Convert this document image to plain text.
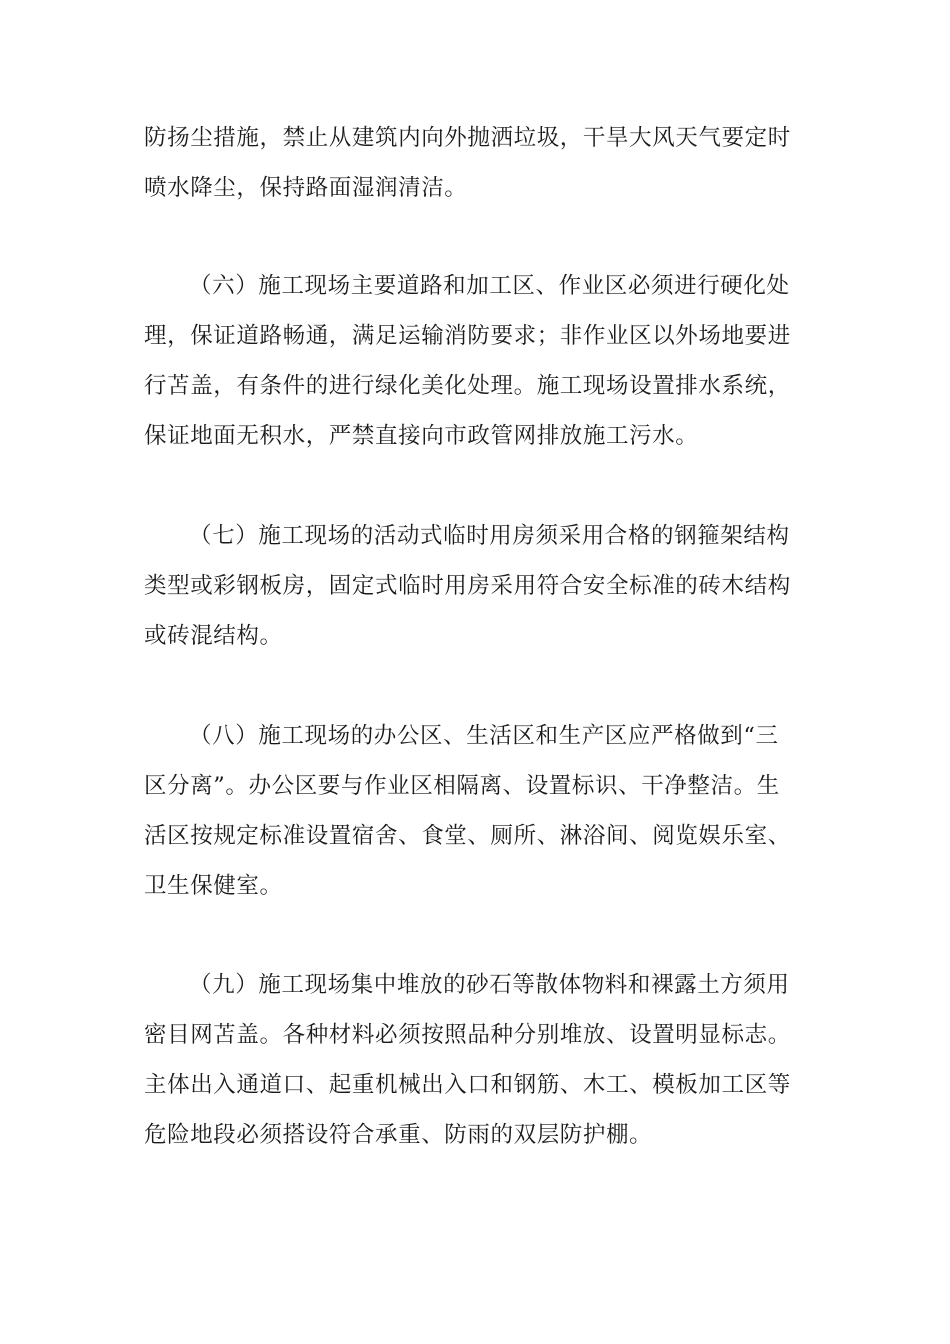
防扬尘措施，禁止从建筑内向外抛洒垃圾，干旱大风天气要定时
喷水降尘，保持路面湿润清洁。
（六）施工现场主要道路和加工区、作业区必须进行硬化处
理，保证道路畅通，满足运输消防要求；非作业区以外场地要进
行苫盖，有条件的进行绿化美化处理。施工现场设置排水系统，
保证地面无积水，严禁直接向市政管网排放施工污水。
（七）施工现场的活动式临时用房须采用合格的钢箍架结构
类型或彩钢板房，固定式临时用房采用符合安全标准的砖木结构
或砖混结构。
（八）施工现场的办公区、生活区和生产区应严格做到“三
区分离”。办公区要与作业区相隔离、设置标识、干净整洁。生
活区按规定标准设置宿舍、食堂、厕所、淋浴间、阅览娱乐室、
卫生保健室。
（九）施工现场集中堆放的砂石等散体物料和裸露土方须用
密目网苫盖。各种材料必须按照品种分别堆放、设置明显标志。
主体出入通道口、起重机械出入口和钢筋、木工、模板加工区等
危险地段必须搭设符合承重、防雨的双层防护棚。
